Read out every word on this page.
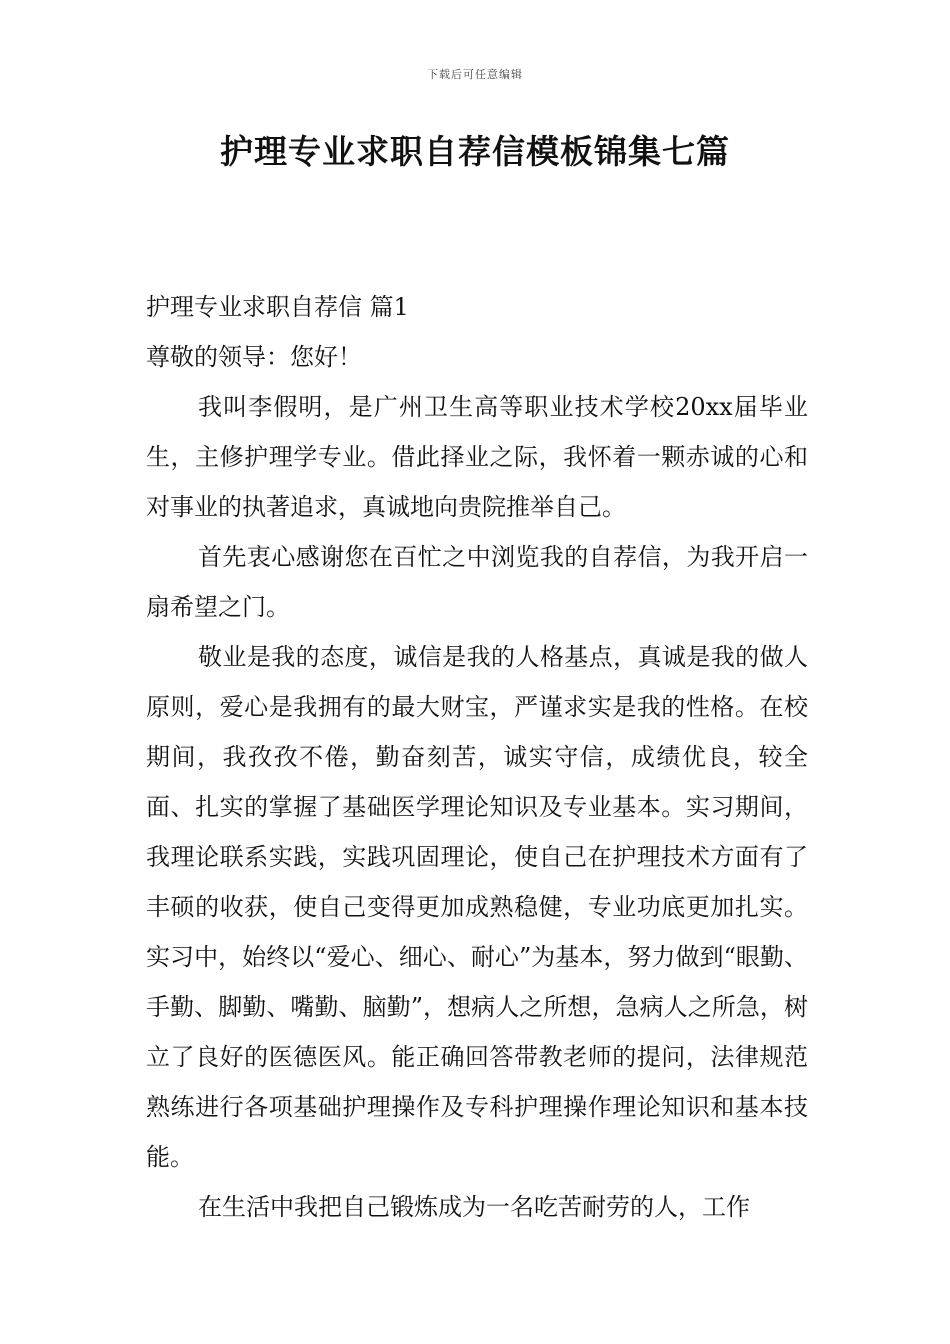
下载后可任意编辑
护理专业求职自荐信模板锦集七篇

护理专业求职自荐信 篇1

尊敬的领导：您好！

我叫李假明，是广州卫生高等职业技术学校20xx届毕业生，主修护理学专业。借此择业之际，我怀着一颗赤诚的心和对事业的执著追求，真诚地向贵院推举自己。

首先衷心感谢您在百忙之中浏览我的自荐信，为我开启一扇希望之门。

敬业是我的态度，诚信是我的人格基点，真诚是我的做人原则，爱心是我拥有的最大财宝，严谨求实是我的性格。在校期间，我孜孜不倦，勤奋刻苦，诚实守信，成绩优良，较全面、扎实的掌握了基础医学理论知识及专业基本。实习期间，我理论联系实践，实践巩固理论，使自己在护理技术方面有了丰硕的收获，使自己变得更加成熟稳健，专业功底更加扎实。实习中，始终以“爱心、细心、耐心”为基本，努力做到“眼勤、手勤、脚勤、嘴勤、脑勤”，想病人之所想，急病人之所急，树立了良好的医德医风。能正确回答带教老师的提问，法律规范熟练进行各项基础护理操作及专科护理操作理论知识和基本技能。

在生活中我把自己锻炼成为一名吃苦耐劳的人，工作
